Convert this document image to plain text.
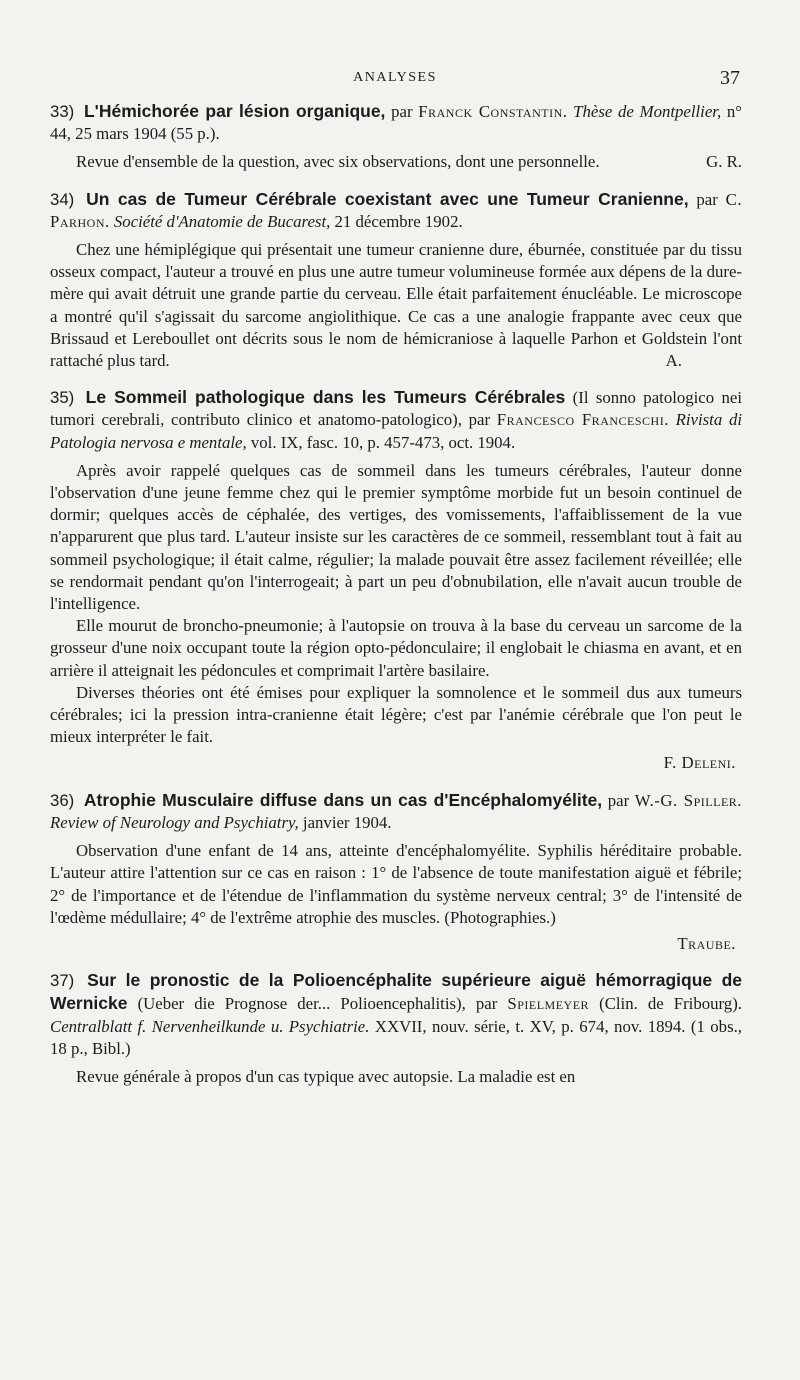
ANALYSES	37

33) L'Hémichorée par lésion organique, par Franck Constantin. Thèse de Montpellier, n° 44, 25 mars 1904 (55 p.).

Revue d'ensemble de la question, avec six observations, dont une personnelle.	G. R.

34) Un cas de Tumeur Cérébrale coexistant avec une Tumeur Cranienne, par C. Parhon. Société d'Anatomie de Bucarest, 21 décembre 1902.

Chez une hémiplégique qui présentait une tumeur cranienne dure, éburnée, constituée par du tissu osseux compact, l'auteur a trouvé en plus une autre tumeur volumineuse formée aux dépens de la dure-mère qui avait détruit une grande partie du cerveau. Elle était parfaitement énucléable. Le microscope a montré qu'il s'agissait du sarcome angiolithique. Ce cas a une analogie frappante avec ceux que Brissaud et Lereboullet ont décrits sous le nom de hémicraniose à laquelle Parhon et Goldstein l'ont rattaché plus tard.	A.

35) Le Sommeil pathologique dans les Tumeurs Cérébrales (Il sonno patologico nei tumori cerebrali, contributo clinico et anatomo-patologico), par Francesco Franceschi. Rivista di Patologia nervosa e mentale, vol. IX, fasc. 10, p. 457-473, oct. 1904.

Après avoir rappelé quelques cas de sommeil dans les tumeurs cérébrales, l'auteur donne l'observation d'une jeune femme chez qui le premier symptôme morbide fut un besoin continuel de dormir; quelques accès de céphalée, des vertiges, des vomissements, l'affaiblissement de la vue n'apparurent que plus tard. L'auteur insiste sur les caractères de ce sommeil, ressemblant tout à fait au sommeil psychologique; il était calme, régulier; la malade pouvait être assez facilement réveillée; elle se rendormait pendant qu'on l'interrogeait; à part un peu d'obnubilation, elle n'avait aucun trouble de l'intelligence.

Elle mourut de broncho-pneumonie; à l'autopsie on trouva à la base du cerveau un sarcome de la grosseur d'une noix occupant toute la région opto-pédonculaire; il englobait le chiasma en avant, et en arrière il atteignait les pédoncules et comprimait l'artère basilaire.

Diverses théories ont été émises pour expliquer la somnolence et le sommeil dus aux tumeurs cérébrales; ici la pression intra-cranienne était légère; c'est par l'anémie cérébrale que l'on peut le mieux interpréter le fait.

F. Deleni.

36) Atrophie Musculaire diffuse dans un cas d'Encéphalomyélite, par W.-G. Spiller. Review of Neurology and Psychiatry, janvier 1904.

Observation d'une enfant de 14 ans, atteinte d'encéphalomyélite. Syphilis héréditaire probable. L'auteur attire l'attention sur ce cas en raison : 1° de l'absence de toute manifestation aiguë et fébrile; 2° de l'importance et de l'étendue de l'inflammation du système nerveux central; 3° de l'intensité de l'œdème médullaire; 4° de l'extrême atrophie des muscles. (Photographies.)

Traube.

37) Sur le pronostic de la Polioencéphalite supérieure aiguë hémorragique de Wernicke (Ueber die Prognose der... Polioencephalitis), par Spielmeyer (Clin. de Fribourg). Centralblatt f. Nervenheilkunde u. Psychiatrie. XXVII, nouv. série, t. XV, p. 674, nov. 1894. (1 obs., 18 p., Bibl.)

Revue générale à propos d'un cas typique avec autopsie. La maladie est en
